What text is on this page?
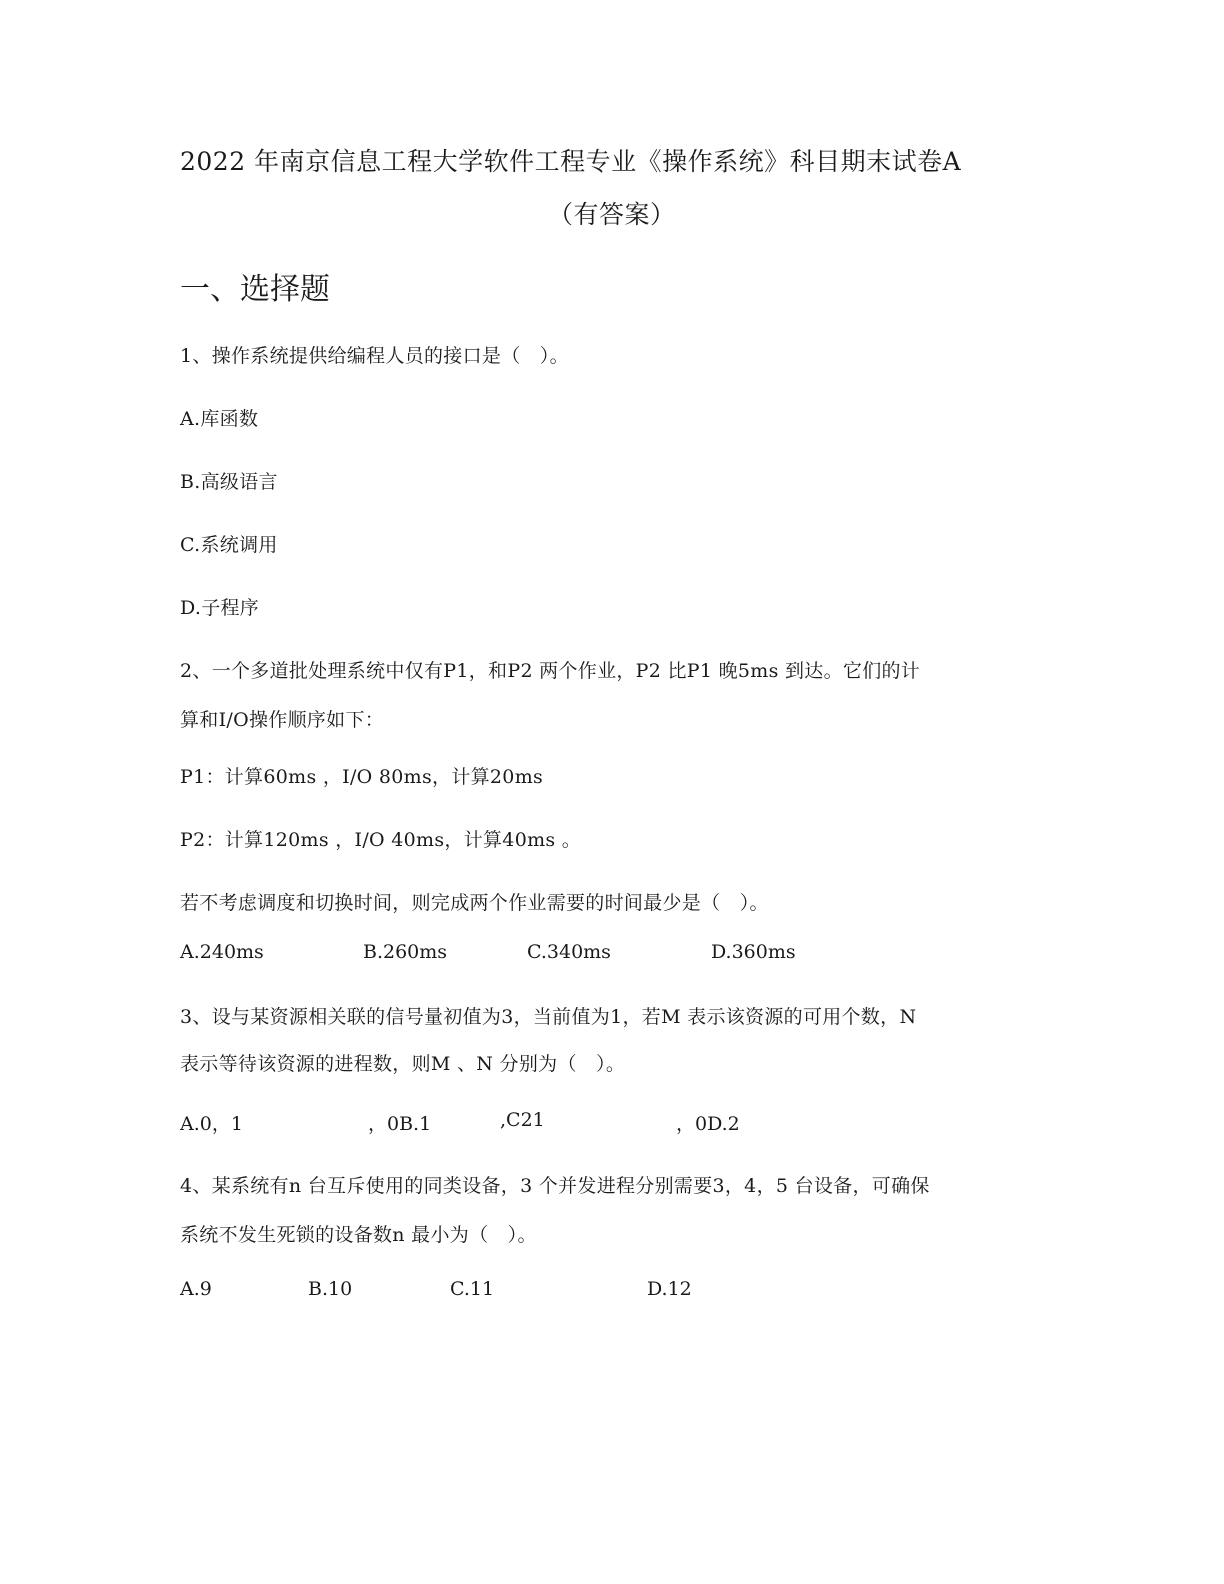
2022 年南京信息工程大学软件工程专业《操作系统》科目期末试卷A
（有答案）
一、选择题
1、操作系统提供给编程人员的接口是（　）。
A.库函数
B.高级语言
C.系统调用
D.子程序
2、一个多道批处理系统中仅有P1，和P2 两个作业，P2 比P1 晚5ms 到达。它们的计
算和I/O操作顺序如下：
P1：计算60ms ，I/O 80ms，计算20ms
P2：计算120ms ，I/O 40ms，计算40ms 。
若不考虑调度和切换时间，则完成两个作业需要的时间最少是（　）。
A.240ms	B.260ms	C.340ms	D.360ms
3、设与某资源相关联的信号量初值为3，当前值为1，若M 表示该资源的可用个数，N
表示等待该资源的进程数，则M 、N 分别为（　）。
A.0，1	，0B.1	,C21	，0D.2
4、某系统有n 台互斥使用的同类设备，3 个并发进程分别需要3，4，5 台设备，可确保
系统不发生死锁的设备数n 最小为（　）。
A.9	B.10	C.11	D.12
